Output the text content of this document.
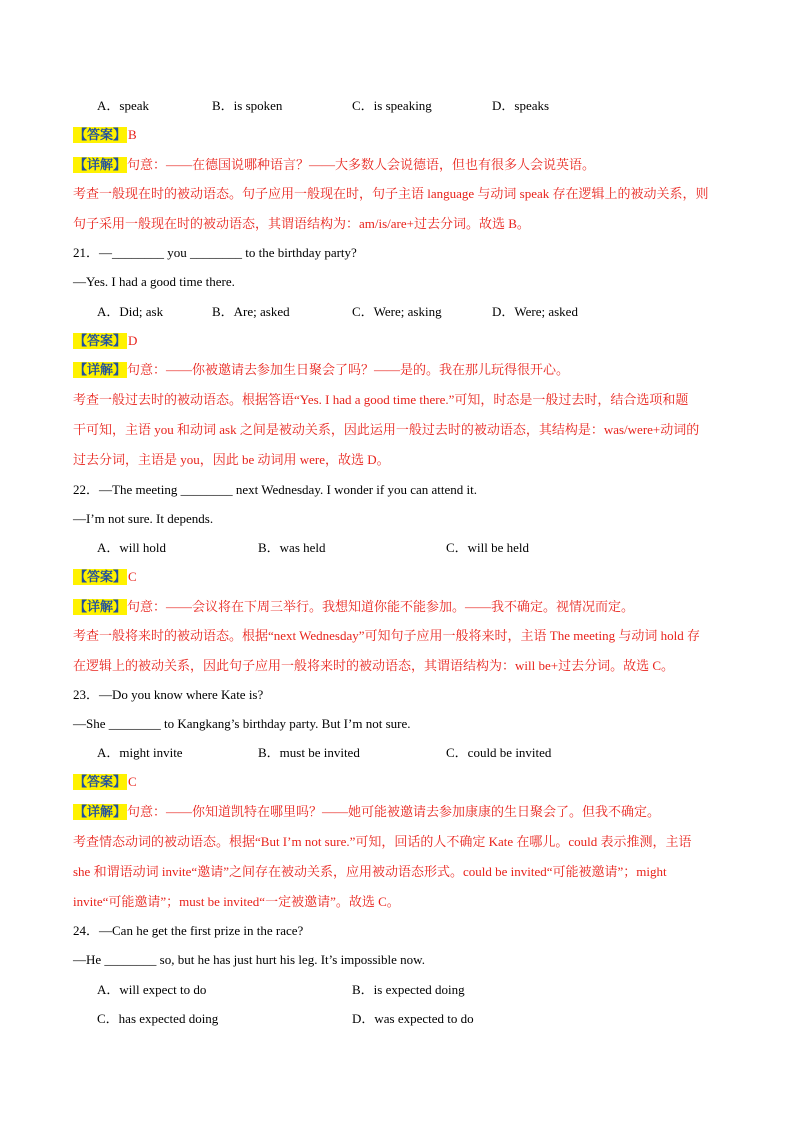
A．speak	B．is spoken	C．is speaking	D．speaks
【答案】 B
【详解】句意：——在德国说哪种语言？——大多数人会说德语，但也有很多人会说英语。
考查一般现在时的被动语态。句子应用一般现在时，句子主语 language 与动词 speak 存在逻辑上的被动关系，则
句子采用一般现在时的被动语态，其谓语结构为：am/is/are+过去分词。故选 B。
21．—________ you ________ to the birthday party?
—Yes. I had a good time there.
A．Did; ask	B．Are; asked	C．Were; asking	D．Were; asked
【答案】 D
【详解】句意：——你被邀请去参加生日聚会了吗？——是的。我在那儿玩得很开心。
考查一般过去时的被动语态。根据答语“Yes. I had a good time there.”可知，时态是一般过去时，结合选项和题
干可知，主语 you 和动词 ask 之间是被动关系，因此运用一般过去时的被动语态，其结构是：was/were+动词的
过去分词，主语是 you，因此 be 动词用 were，故选 D。
22．—The meeting ________ next Wednesday. I wonder if you can attend it.
—I’m not sure. It depends.
A．will hold	B．was held	C．will be held
【答案】 C
【详解】句意：——会议将在下周三举行。我想知道你能不能参加。——我不确定。视情况而定。
考查一般将来时的被动语态。根据“next Wednesday”可知句子应用一般将来时，主语 The meeting 与动词 hold 存
在逻辑上的被动关系，因此句子应用一般将来时的被动语态，其谓语结构为：will be+过去分词。故选 C。
23．—Do you know where Kate is?
—She ________ to Kangkang’s birthday party. But I’m not sure.
A．might invite	B．must be invited	C．could be invited
【答案】 C
【详解】句意：——你知道凯特在哪里吗？——她可能被邀请去参加康康的生日聚会了。但我不确定。
考查情态动词的被动语态。根据“But I’m not sure.”可知，回话的人不确定 Kate 在哪儿。could 表示推测，主语
she 和谓语动词 invite“邀请”之间存在被动关系，应用被动语态形式。could be invited“可能被邀请”；might
invite“可能邀请”；must be invited“一定被邀请”。故选 C。
24．—Can he get the first prize in the race?
—He ________ so, but he has just hurt his leg. It’s impossible now.
A．will expect to do	B．is expected doing
C．has expected doing	D．was expected to do
